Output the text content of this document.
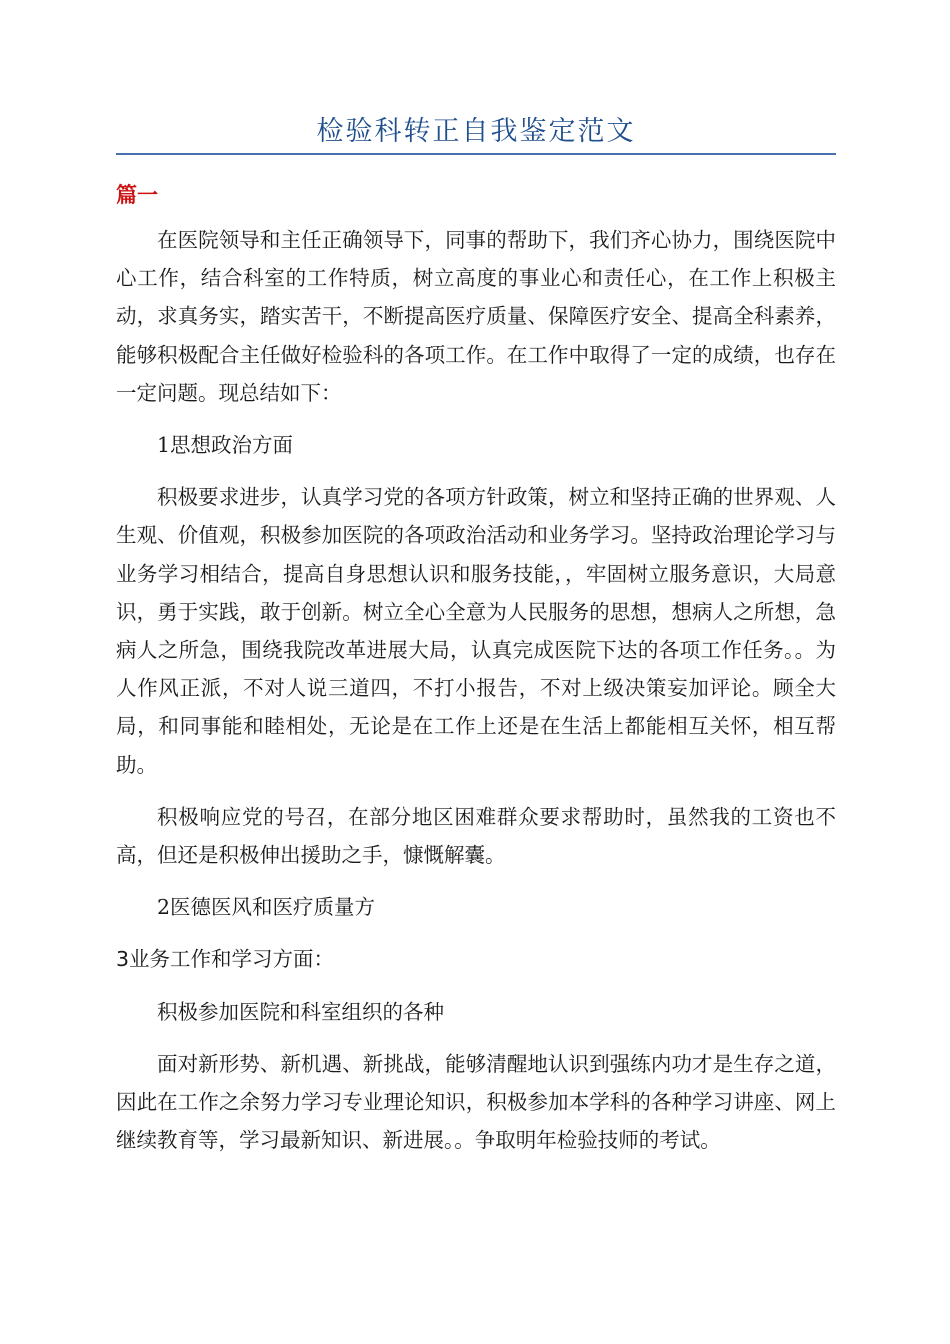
检验科转正自我鉴定范文
篇一

在医院领导和主任正确领导下，同事的帮助下，我们齐心协力，围绕医院中心工作，结合科室的工作特质，树立高度的事业心和责任心，在工作上积极主动，求真务实，踏实苦干，不断提高医疗质量、保障医疗安全、提高全科素养，能够积极配合主任做好检验科的各项工作。在工作中取得了一定的成绩，也存在一定问题。现总结如下：

1思想政治方面

积极要求进步，认真学习党的各项方针政策，树立和坚持正确的世界观、人生观、价值观，积极参加医院的各项政治活动和业务学习。坚持政治理论学习与业务学习相结合，提高自身思想认识和服务技能，，牢固树立服务意识，大局意识，勇于实践，敢于创新。树立全心全意为人民服务的思想，想病人之所想，急病人之所急，围绕我院改革进展大局，认真完成医院下达的各项工作任务。。为人作风正派，不对人说三道四，不打小报告，不对上级决策妄加评论。顾全大局，和同事能和睦相处，无论是在工作上还是在生活上都能相互关怀，相互帮助。

积极响应党的号召，在部分地区困难群众要求帮助时，虽然我的工资也不高，但还是积极伸出援助之手，慷慨解囊。

2医德医风和医疗质量方

3业务工作和学习方面：

积极参加医院和科室组织的各种

面对新形势、新机遇、新挑战，能够清醒地认识到强练内功才是生存之道，因此在工作之余努力学习专业理论知识，积极参加本学科的各种学习讲座、网上继续教育等，学习最新知识、新进展。。争取明年检验技师的考试。
